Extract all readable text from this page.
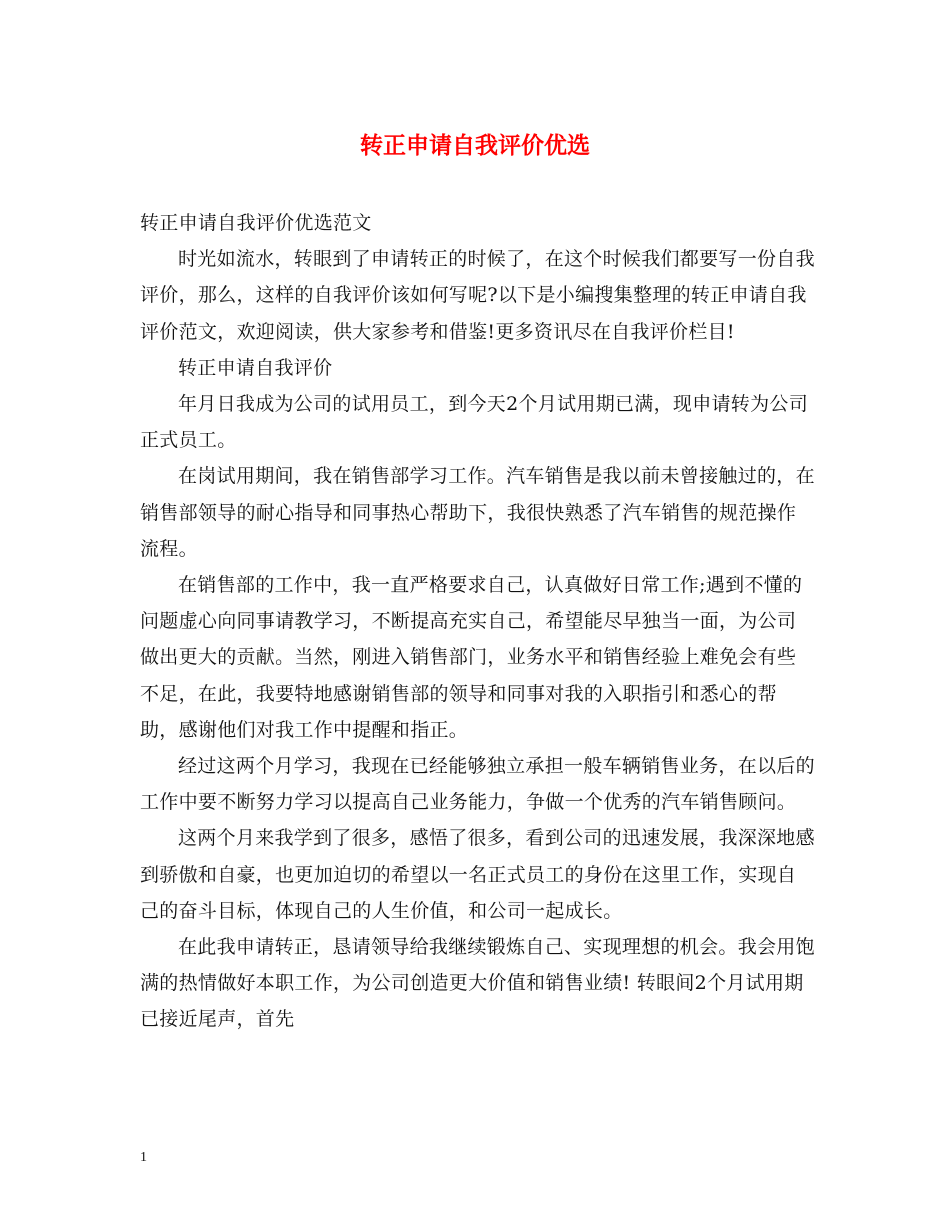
转正申请自我评价优选

转正申请自我评价优选范文

时光如流水，转眼到了申请转正的时候了，在这个时候我们都要写一份自我评价，那么，这样的自我评价该如何写呢?以下是小编搜集整理的转正申请自我评价范文，欢迎阅读，供大家参考和借鉴!更多资讯尽在自我评价栏目!

转正申请自我评价

年月日我成为公司的试用员工，到今天2个月试用期已满，现申请转为公司正式员工。

在岗试用期间，我在销售部学习工作。汽车销售是我以前未曾接触过的，在销售部领导的耐心指导和同事热心帮助下，我很快熟悉了汽车销售的规范操作流程。

在销售部的工作中，我一直严格要求自己，认真做好日常工作;遇到不懂的问题虚心向同事请教学习，不断提高充实自己，希望能尽早独当一面，为公司做出更大的贡献。当然，刚进入销售部门，业务水平和销售经验上难免会有些不足，在此，我要特地感谢销售部的领导和同事对我的入职指引和悉心的帮助，感谢他们对我工作中提醒和指正。

经过这两个月学习，我现在已经能够独立承担一般车辆销售业务，在以后的工作中要不断努力学习以提高自己业务能力，争做一个优秀的汽车销售顾问。

这两个月来我学到了很多，感悟了很多，看到公司的迅速发展，我深深地感到骄傲和自豪，也更加迫切的希望以一名正式员工的身份在这里工作，实现自己的奋斗目标，体现自己的人生价值，和公司一起成长。

在此我申请转正，恳请领导给我继续锻炼自己、实现理想的机会。我会用饱满的热情做好本职工作，为公司创造更大价值和销售业绩! 转眼间2个月试用期已接近尾声，首先

1
